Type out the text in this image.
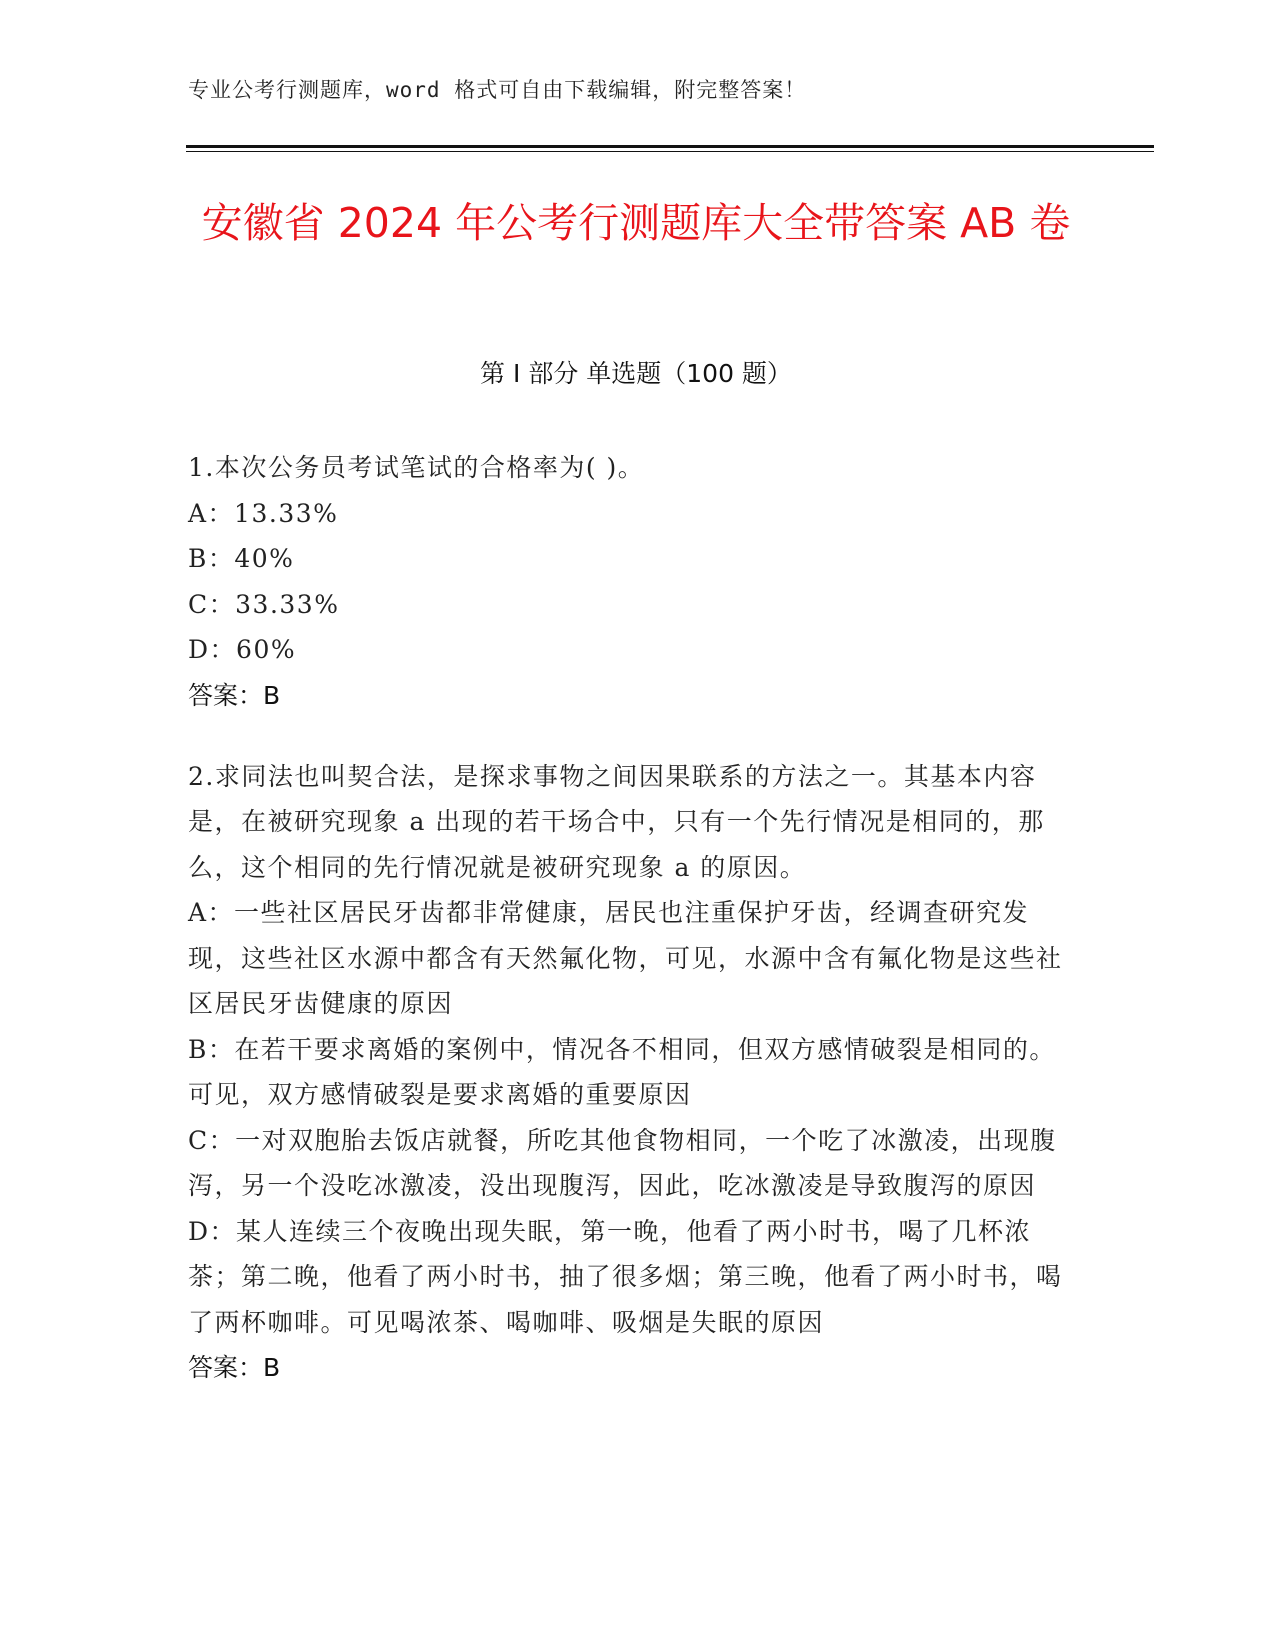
专业公考行测题库，word 格式可自由下载编辑，附完整答案！
安徽省 2024 年公考行测题库大全带答案 AB 卷
第 I 部分 单选题（100 题）
1.本次公务员考试笔试的合格率为( )。
A：13.33%
B：40%
C：33.33%
D：60%
答案：B
2.求同法也叫契合法，是探求事物之间因果联系的方法之一。其基本内容是，在被研究现象 a 出现的若干场合中，只有一个先行情况是相同的，那么，这个相同的先行情况就是被研究现象 a 的原因。
A：一些社区居民牙齿都非常健康，居民也注重保护牙齿，经调查研究发现，这些社区水源中都含有天然氟化物，可见，水源中含有氟化物是这些社区居民牙齿健康的原因
B：在若干要求离婚的案例中，情况各不相同，但双方感情破裂是相同的。可见，双方感情破裂是要求离婚的重要原因
C：一对双胞胎去饭店就餐，所吃其他食物相同，一个吃了冰激凌，出现腹泻，另一个没吃冰激凌，没出现腹泻，因此，吃冰激凌是导致腹泻的原因
D：某人连续三个夜晚出现失眠，第一晚，他看了两小时书，喝了几杯浓茶；第二晚，他看了两小时书，抽了很多烟；第三晚，他看了两小时书，喝了两杯咖啡。可见喝浓茶、喝咖啡、吸烟是失眠的原因
答案：B
